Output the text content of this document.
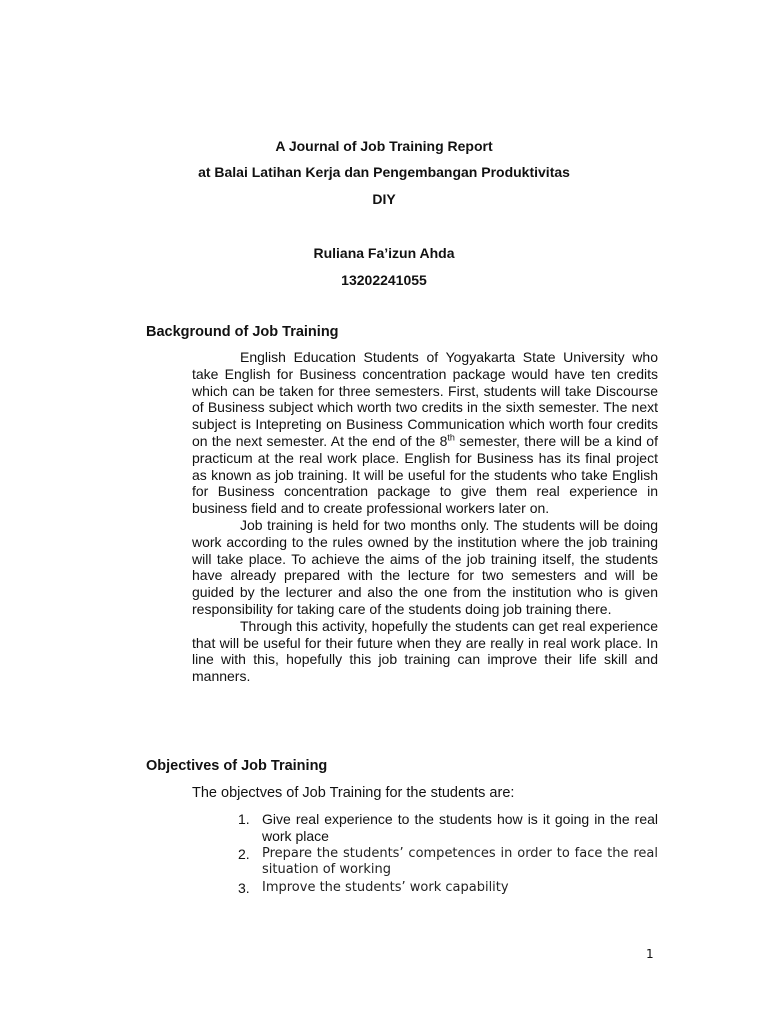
A Journal of Job Training Report
at Balai Latihan Kerja dan Pengembangan Produktivitas
DIY
Ruliana Fa’izun Ahda
13202241055
Background of Job Training

English Education Students of Yogyakarta State University who take English for Business concentration package would have ten credits which can be taken for three semesters. First, students will take Discourse of Business subject which worth two credits in the sixth semester. The next subject is Intepreting on Business Communication which worth four credits on the next semester. At the end of the 8th semester, there will be a kind of practicum at the real work place. English for Business has its final project as known as job training. It will be useful for the students who take English for Business concentration package to give them real experience in business field and to create professional workers later on.

Job training is held for two months only. The students will be doing work according to the rules owned by the institution where the job training will take place. To achieve the aims of the job training itself, the students have already prepared with the lecture for two semesters and will be guided by the lecturer and also the one from the institution who is given responsibility for taking care of the students doing job training there.

Through this activity, hopefully the students can get real experience that will be useful for their future when they are really in real work place. In line with this, hopefully this job training can improve their life skill and manners.

Objectives of Job Training
The objectves of Job Training for the students are:
1. Give real experience to the students how is it going in the real work place
2. Prepare the students’ competences in order to face the real situation of working
3. Improve the students’ work capability
1
